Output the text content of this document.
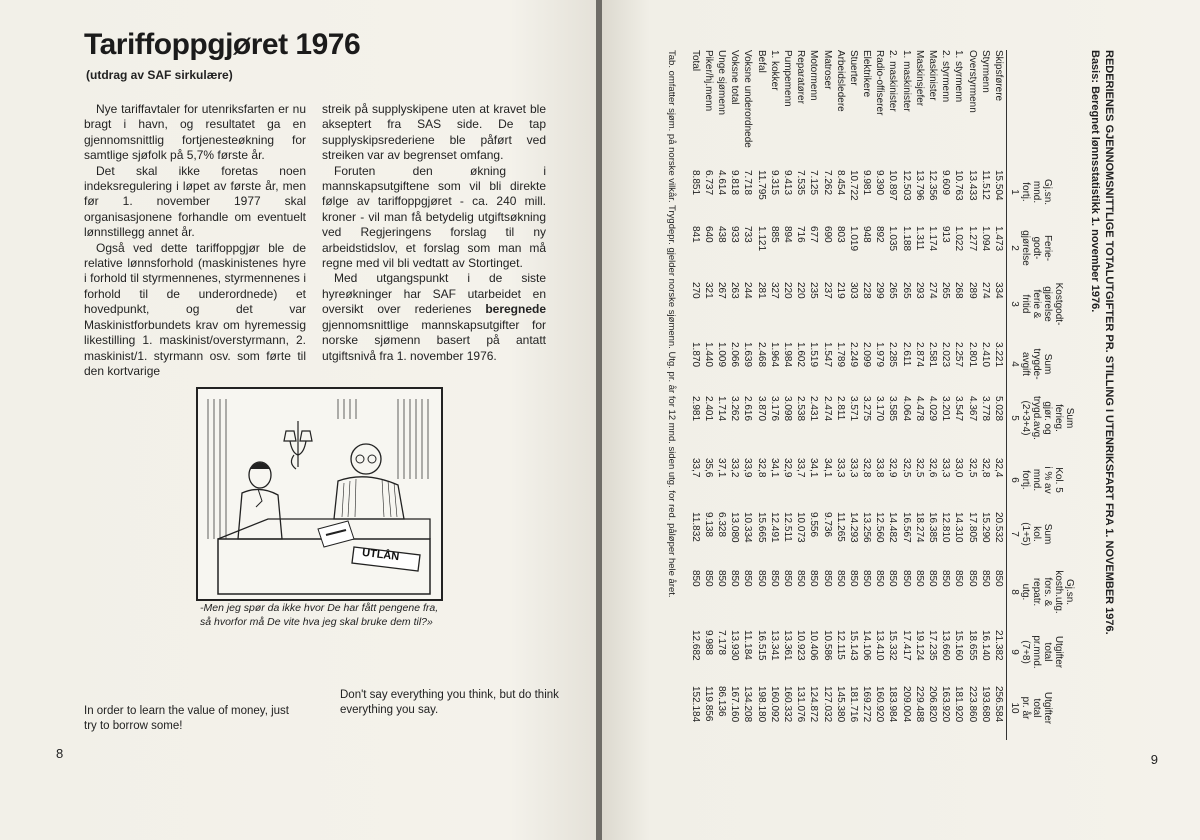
Tariffoppgjøret 1976
(utdrag av SAF sirkulære)

Nye tariffavtaler for utenriksfarten er nu bragt i havn, og resultatet ga en gjennomsnittlig fortjenesteøkning for samtlige sjøfolk på 5,7% første år.

Det skal ikke foretas noen indeksregulering i løpet av første år, men før 1. november 1977 skal organisasjonene forhandle om eventuelt lønnstillegg annet år.

Også ved dette tariffoppgjør ble de relative lønnsforhold (maskinistenes hyre i forhold til styrmennenes, styrmennenes i forhold til de underordnede) et hovedpunkt, og det var Maskinistforbundets krav om hyremessig likestilling 1. maskinist/overstyrmann, 2. maskinist/1. styrmann osv. som førte til den kortvarige

streik på supplyskipene uten at kravet ble akseptert fra SAS side. De tap supplyskipsrederiene ble påført ved streiken var av begrenset omfang.

Foruten den økning i mannskapsutgiftene som vil bli direkte følge av tariffoppgjøret - ca. 240 mill. kroner - vil man få betydelig utgiftsøkning ved Regjeringens forslag til ny arbeidstidslov, et forslag som man må regne med vil bli vedtatt av Stortinget.

Med utgangspunkt i de siste hyreøkninger har SAF utarbeidet en oversikt over rederienes beregnede gjennomsnittlige mannskapsutgifter for norske sjømenn basert på antatt utgiftsnivå fra 1. november 1976.

UTLÅN
-Men jeg spør da ikke hvor De har fått pengene fra, så hvorfor må De vite hva jeg skal bruke dem til?»
In order to learn the value of money, just try to borrow some!
Don't say everything you think, but do think everything you say.
8	9
REDERIENES GJENNOMSNITTLIGE TOTALUTGIFTER PR. STILLING I UTENRIKSFART FRA 1. NOVEMBER 1976.
Basis: Beregnet lønnsstatistikk 1. november 1976.
Gj.sn.
mnd.
fortj.
1
Ferie-
godt-
gjørelse
2
Kostgodt-
gjørelse
ferie &
fritid
3
Sum
trygde-
avgift
4
Sum
ferieg.
gjør. og
trygd.avg.
(2+3+4)
5
Kol. 5
i % av
mnd.
fortj.
6
Sum
kol.
(1+5)
7
Gj.sn.
kosth.utg.
fors. &
repatr.
utg.
8
Utgifter
total
pr.mnd.
(7+8)
9
Utgifter
total
pr. år
10
Skipsførere
15.504
1.473
334
3.221
5.028
32,4
20.532
850
21.382
256.584
Styrmenn
11.512
1.094
274
2.410
3.778
32,8
15.290
850
16.140
193.680
Overstyrmenn
13.433
1.277
289
2.801
4.367
32,5
17.805
850
18.655
223.860
1. styrmenn
10.763
1.022
268
2.257
3.547
33,0
14.310
850
15.160
181.920
2. styrmenn
9.609
913
265
2.023
3.201
33,3
12.810
850
13.660
163.920
Maskinister
12.356
1.174
274
2.581
4.029
32,6
16.385
850
17.235
206.820
Maskinsjefer
13.796
1.311
293
2.874
4.478
32,5
18.274
850
19.124
229.488
1. maskinister
12.503
1.188
265
2.611
4.064
32,5
16.567
850
17.417
209.004
2. maskinister
10.897
1.035
265
2.285
3.585
32,9
14.482
850
15.332
183.984
Radio-offiserer
9.390
892
299
1.979
3.170
33,8
12.560
850
13.410
160.920
Elektrikere
9.981
948
228
2.099
3.275
32,8
13.256
850
14.106
169.272
Stuerter
10.722
1.019
303
2.249
3.571
33,3
14.293
850
15.143
181.716
Arbeidsledere
8.454
803
219
1.789
2.811
33,3
11.265
850
12.115
145.380
Matroser
7.262
690
237
1.547
2.474
34,1
9.736
850
10.586
127.032
Motormenn
7.125
677
235
1.519
2.431
34,1
9.556
850
10.406
124.872
Reparatører
7.535
716
220
1.602
2.538
33,7
10.073
850
10.923
131.076
Pumpemenn
9.413
894
220
1.984
3.098
32,9
12.511
850
13.361
160.332
1. kokker
9.315
885
327
1.964
3.176
34,1
12.491
850
13.341
160.092
Befal
11.795
1.121
281
2.468
3.870
32,8
15.665
850
16.515
198.180
Voksne underordnede
7.718
733
244
1.639
2.616
33,9
10.334
850
11.184
134.208
Voksne total
9.818
933
263
2.066
3.262
33,2
13.080
850
13.930
167.160
Unge sjømenn
4.614
438
267
1.009
1.714
37,1
6.328
850
7.178
86.136
Piker/hj.menn
6.737
640
321
1.440
2.401
35,6
9.138
850
9.988
119.856
Total
8.851
841
270
1.870
2.981
33,7
11.832
850
12.682
152.184
Tab. omfatter sjøm. på norske vilkår. Trygdepr. gjelder norske sjømenn. Utg. pr. år for 12 mnd. siden utg. for red. påløper hele året.
